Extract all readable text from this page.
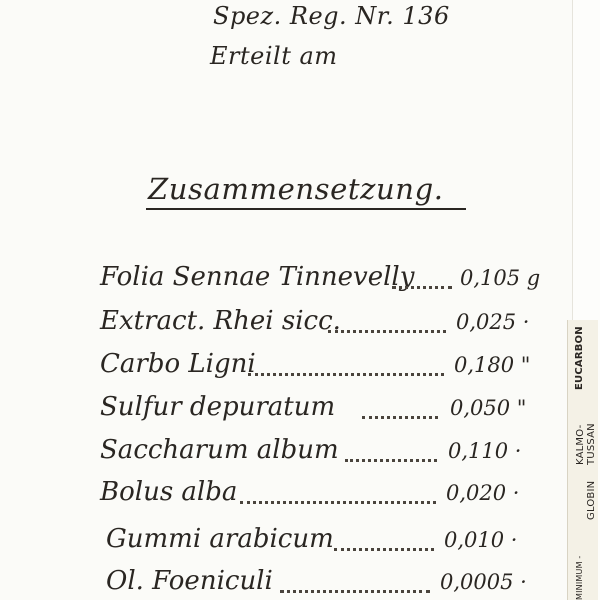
Spez. Reg. Nr. 136
Erteilt am
Zusammensetzung.
Folia Sennae Tinnevelly 0,105 g
Extract. Rhei sicc.	0,025 ·
Carbo Ligni	0,180 "
Sulfur depuratum	0,050 "
Saccharum album	0,110 ·
Bolus alba	0,020 ·
Gummi arabicum	0,010 ·
Ol. Foeniculi	0,0005 ·
EUCARBON
KALMO- TUSSAN
GLOBIN
MINIMUM -
